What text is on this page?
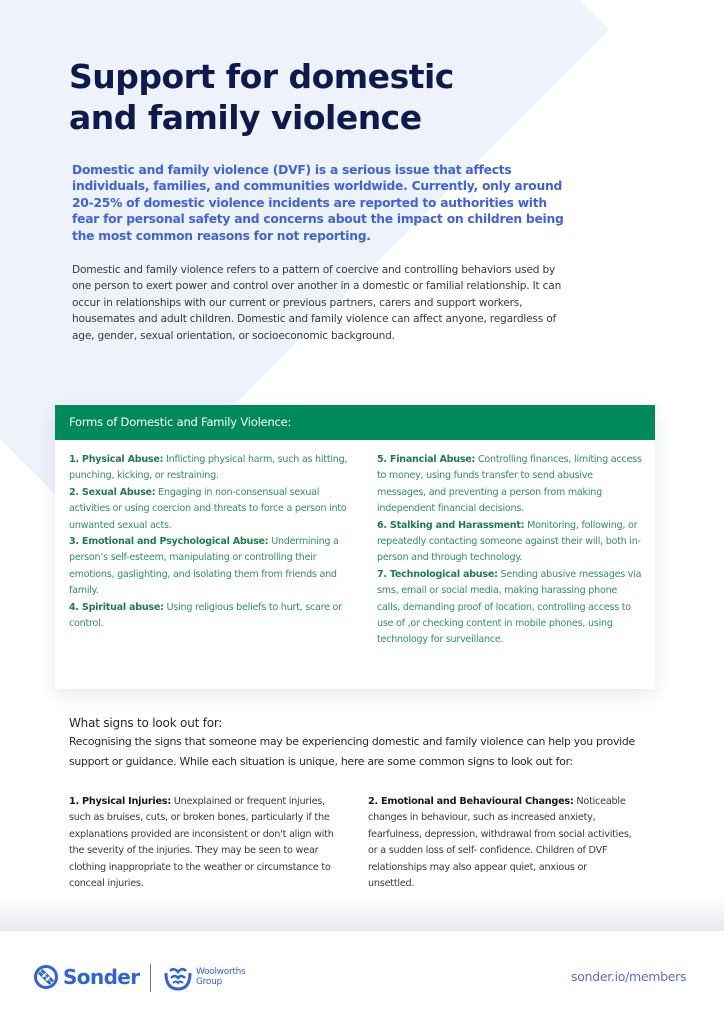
Support for domestic and family violence

Domestic and family violence (DVF) is a serious issue that affects individuals, families, and communities worldwide. Currently, only around 20-25% of domestic violence incidents are reported to authorities with fear for personal safety and concerns about the impact on children being the most common reasons for not reporting.

Domestic and family violence refers to a pattern of coercive and controlling behaviors used by one person to exert power and control over another in a domestic or familial relationship. It can occur in relationships with our current or previous partners, carers and support workers, housemates and adult children. Domestic and family violence can affect anyone, regardless of age, gender, sexual orientation, or socioeconomic background.

Forms of Domestic and Family Violence:

1. Physical Abuse: Inflicting physical harm, such as hitting, punching, kicking, or restraining.

2. Sexual Abuse: Engaging in non-consensual sexual activities or using coercion and threats to force a person into unwanted sexual acts.

3. Emotional and Psychological Abuse: Undermining a person’s self-esteem, manipulating or controlling their emotions, gaslighting, and isolating them from friends and family.

4. Spiritual abuse: Using religious beliefs to hurt, scare or control.

5. Financial Abuse: Controlling finances, limiting access to money, using funds transfer to send abusive messages, and preventing a person from making independent financial decisions.

6. Stalking and Harassment: Monitoring, following, or repeatedly contacting someone against their will, both in-person and through technology.

7. Technological abuse: Sending abusive messages via sms, email or social media, making harassing phone calls, demanding proof of location, controlling access to use of ,or checking content in mobile phones, using technology for surveillance.

What signs to look out for:

Recognising the signs that someone may be experiencing domestic and family violence can help you provide support or guidance. While each situation is unique, here are some common signs to look out for:

1. Physical Injuries: Unexplained or frequent injuries, such as bruises, cuts, or broken bones, particularly if the explanations provided are inconsistent or don't align with the severity of the injuries. They may be seen to wear clothing inappropriate to the weather or circumstance to conceal injuries.

2. Emotional and Behavioural Changes: Noticeable changes in behaviour, such as increased anxiety, fearfulness, depression, withdrawal from social activities, or a sudden loss of self- confidence. Children of DVF relationships may also appear quiet, anxious or unsettled.

Sonder	Woolworths
Group	sonder.io/members
